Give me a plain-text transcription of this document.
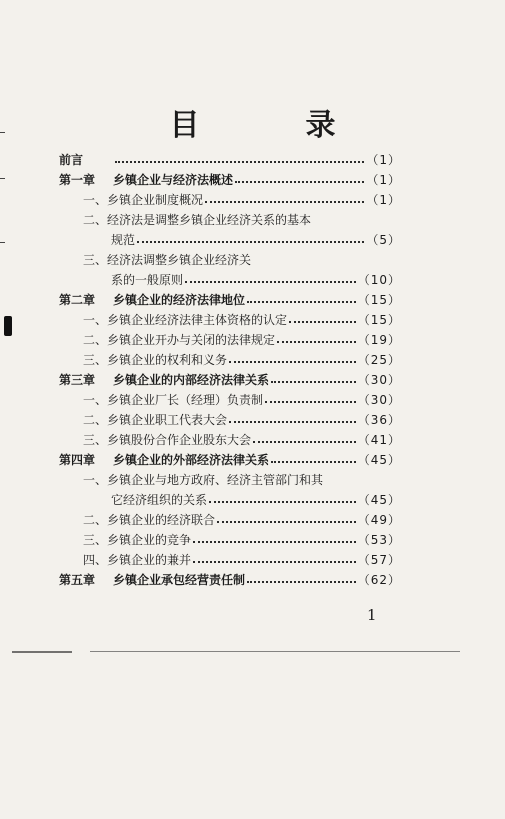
目　录
前言	（1）
第一章 乡镇企业与经济法概述	（1）
一、乡镇企业制度概况	（1）
二、经济法是调整乡镇企业经济关系的基本
规范	（5）
三、经济法调整乡镇企业经济关
系的一般原则	（10）
第二章 乡镇企业的经济法律地位	（15）
一、乡镇企业经济法律主体资格的认定	（15）
二、乡镇企业开办与关闭的法律规定	（19）
三、乡镇企业的权利和义务	（25）
第三章 乡镇企业的内部经济法律关系	（30）
一、乡镇企业厂长（经理）负责制	（30）
二、乡镇企业职工代表大会	（36）
三、乡镇股份合作企业股东大会	（41）
第四章 乡镇企业的外部经济法律关系	（45）
一、乡镇企业与地方政府、经济主管部门和其
它经济组织的关系	（45）
二、乡镇企业的经济联合	（49）
三、乡镇企业的竞争	（53）
四、乡镇企业的兼并	（57）
第五章 乡镇企业承包经营责任制	（62）
1
